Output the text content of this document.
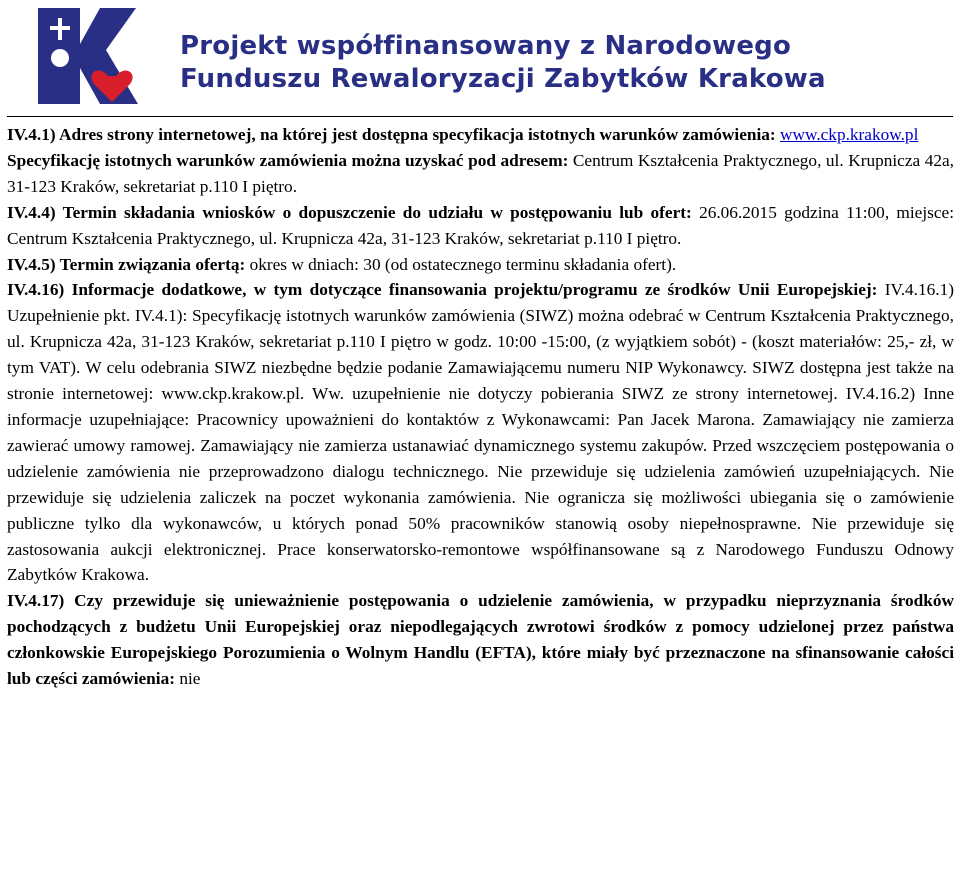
Projekt współfinansowany z Narodowego
Funduszu Rewaloryzacji Zabytków Krakowa

IV.4.1) Adres strony internetowej, na której jest dostępna specyfikacja istotnych warunków zamówienia: www.ckp.krakow.pl
Specyfikację istotnych warunków zamówienia można uzyskać pod adresem: Centrum Kształcenia Praktycznego, ul. Krupnicza 42a, 31-123 Kraków, sekretariat p.110 I piętro.

IV.4.4) Termin składania wniosków o dopuszczenie do udziału w postępowaniu lub ofert: 26.06.2015 godzina 11:00, miejsce: Centrum Kształcenia Praktycznego, ul. Krupnicza 42a, 31-123 Kraków, sekretariat p.110 I piętro.

IV.4.5) Termin związania ofertą: okres w dniach: 30 (od ostatecznego terminu składania ofert).

IV.4.16) Informacje dodatkowe, w tym dotyczące finansowania projektu/programu ze środków Unii Europejskiej: IV.4.16.1) Uzupełnienie pkt. IV.4.1): Specyfikację istotnych warunków zamówienia (SIWZ) można odebrać w Centrum Kształcenia Praktycznego, ul. Krupnicza 42a, 31-123 Kraków, sekretariat p.110 I piętro w godz. 10:00 -15:00, (z wyjątkiem sobót) - (koszt materiałów: 25,- zł, w tym VAT). W celu odebrania SIWZ niezbędne będzie podanie Zamawiającemu numeru NIP Wykonawcy. SIWZ dostępna jest także na stronie internetowej: www.ckp.krakow.pl. Ww. uzupełnienie nie dotyczy pobierania SIWZ ze strony internetowej. IV.4.16.2) Inne informacje uzupełniające: Pracownicy upoważnieni do kontaktów z Wykonawcami: Pan Jacek Marona. Zamawiający nie zamierza zawierać umowy ramowej. Zamawiający nie zamierza ustanawiać dynamicznego systemu zakupów. Przed wszczęciem postępowania o udzielenie zamówienia nie przeprowadzono dialogu technicznego. Nie przewiduje się udzielenia zamówień uzupełniających. Nie przewiduje się udzielenia zaliczek na poczet wykonania zamówienia. Nie ogranicza się możliwości ubiegania się o zamówienie publiczne tylko dla wykonawców, u których ponad 50% pracowników stanowią osoby niepełnosprawne. Nie przewiduje się zastosowania aukcji elektronicznej. Prace konserwatorsko-remontowe współfinansowane są z Narodowego Funduszu Odnowy Zabytków Krakowa.

IV.4.17) Czy przewiduje się unieważnienie postępowania o udzielenie zamówienia, w przypadku nieprzyznania środków pochodzących z budżetu Unii Europejskiej oraz niepodlegających zwrotowi środków z pomocy udzielonej przez państwa członkowskie Europejskiego Porozumienia o Wolnym Handlu (EFTA), które miały być przeznaczone na sfinansowanie całości lub części zamówienia: nie
